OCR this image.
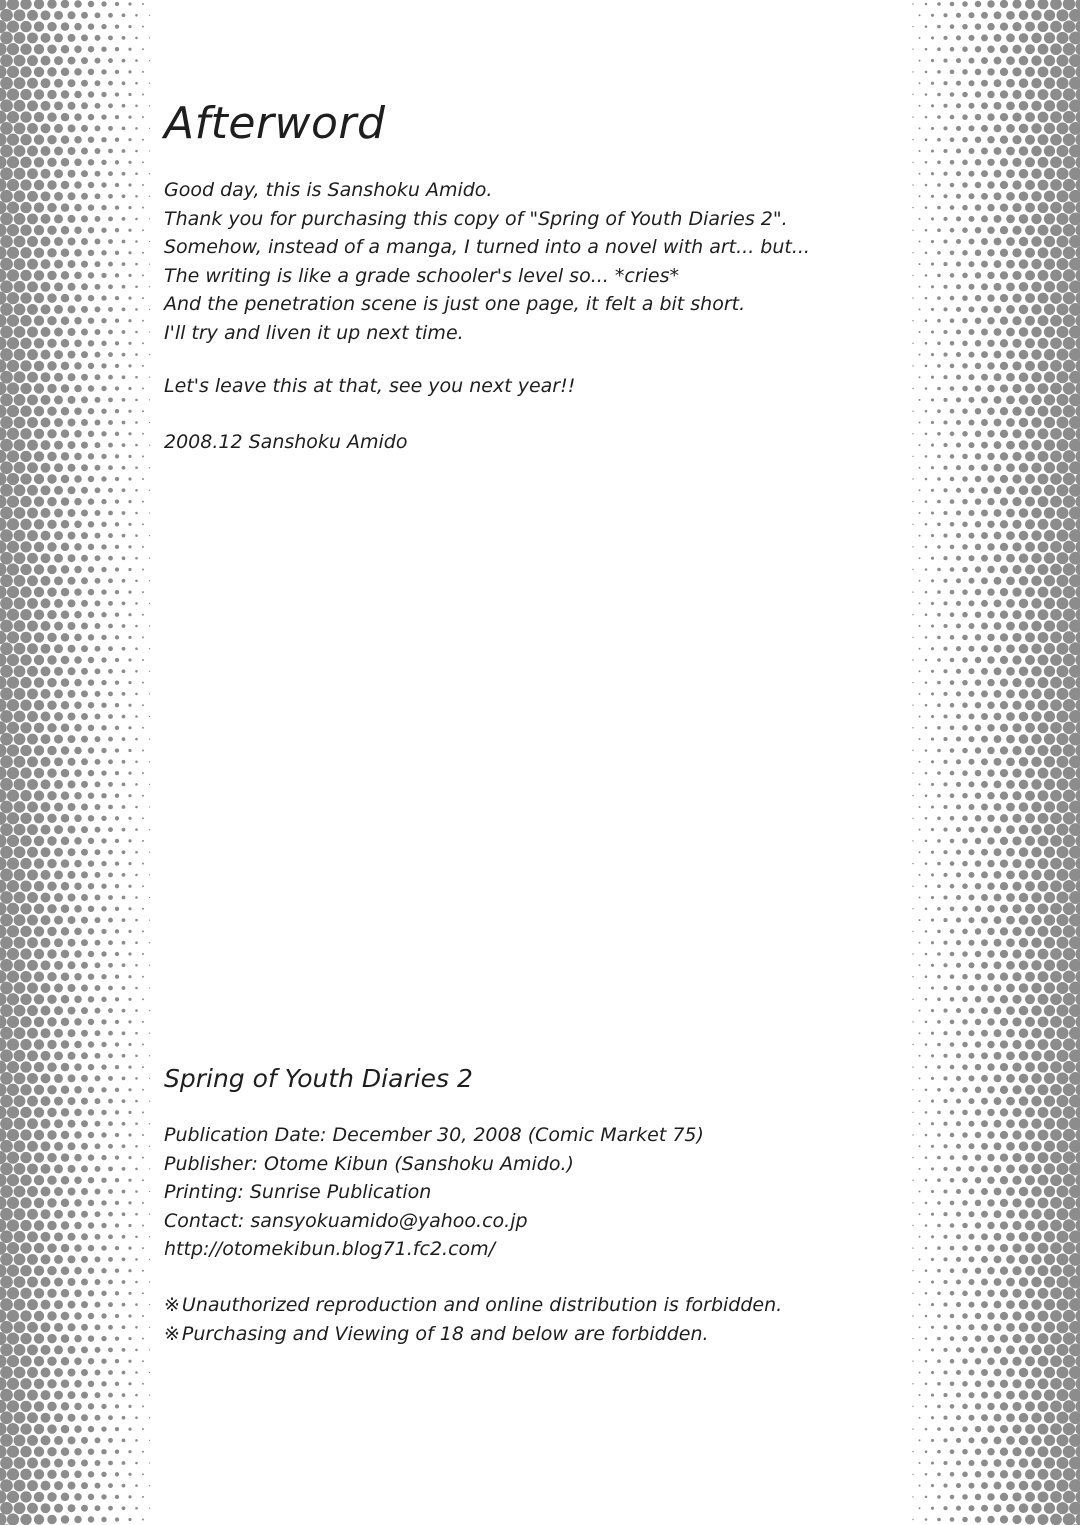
Afterword
Good day, this is Sanshoku Amido.
Thank you for purchasing this copy of "Spring of Youth Diaries 2".
Somehow, instead of a manga, I turned into a novel with art... but...
The writing is like a grade schooler's level so... *cries*
And the penetration scene is just one page, it felt a bit short.
I'll try and liven it up next time.
Let's leave this at that, see you next year!!
2008.12 Sanshoku Amido
Spring of Youth Diaries 2
Publication Date: December 30, 2008 (Comic Market 75)
Publisher: Otome Kibun (Sanshoku Amido.)
Printing: Sunrise Publication
Contact: sansyokuamido@yahoo.co.jp
http://otomekibun.blog71.fc2.com/
※ Unauthorized reproduction and online distribution is forbidden.
※ Purchasing and Viewing of 18 and below are forbidden.
